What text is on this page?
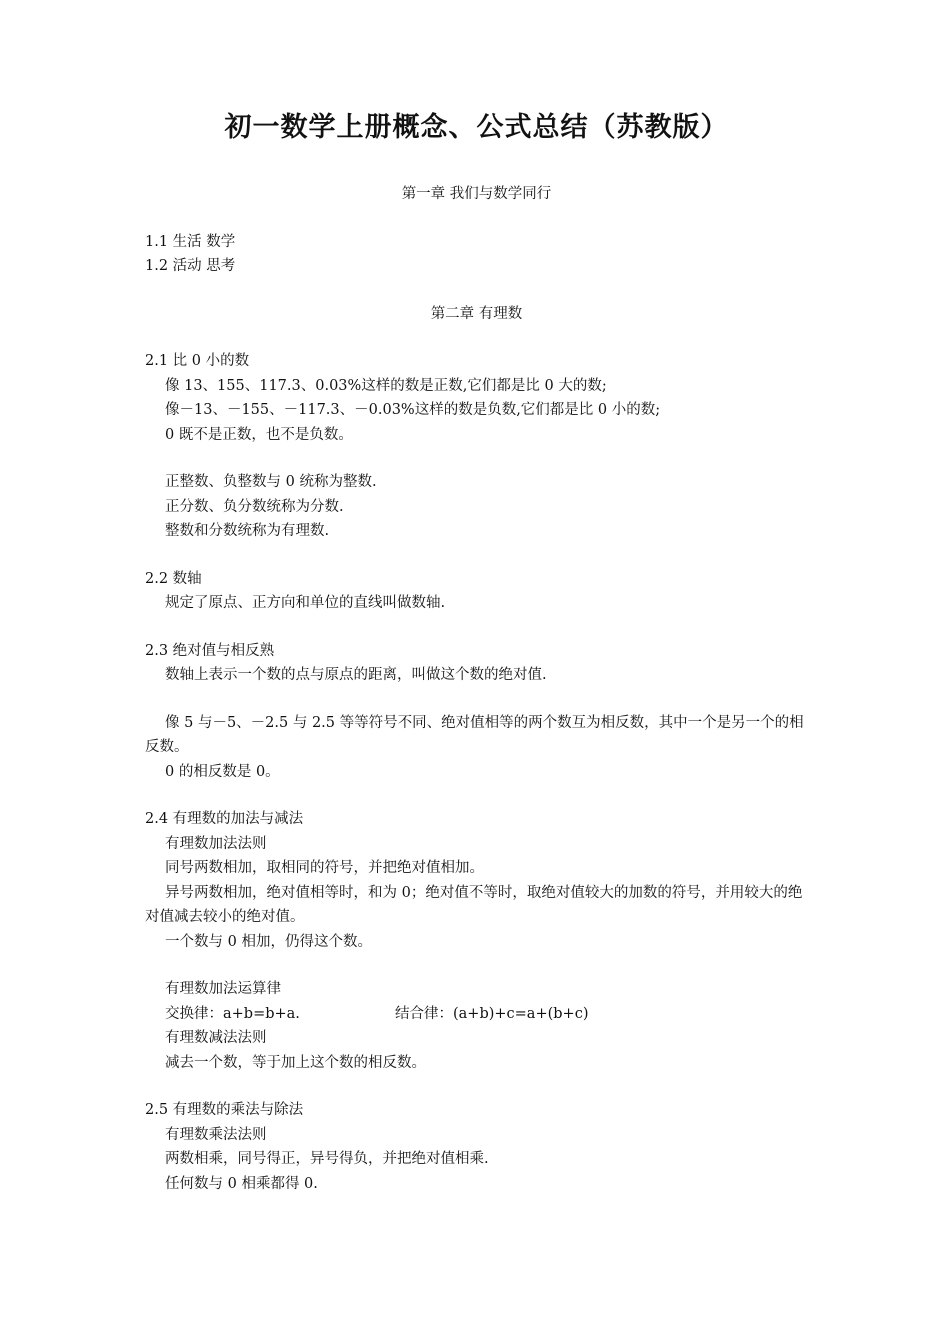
初一数学上册概念、公式总结（苏教版）

第一章 我们与数学同行

1.1 生活 数学

1.2 活动 思考

第二章 有理数

2.1 比 0 小的数

像 13、155、117.3、0.03%这样的数是正数,它们都是比 0 大的数;

像－13、－155、－117.3、－0.03%这样的数是负数,它们都是比 0 小的数;

0 既不是正数，也不是负数。

正整数、负整数与 0 统称为整数.

正分数、负分数统称为分数.

整数和分数统称为有理数.

2.2 数轴

规定了原点、正方向和单位的直线叫做数轴.

2.3 绝对值与相反熟

数轴上表示一个数的点与原点的距离，叫做这个数的绝对值.

像 5 与－5、－2.5 与 2.5 等等符号不同、绝对值相等的两个数互为相反数，其中一个是另一个的相反数。

0 的相反数是 0。

2.4 有理数的加法与减法

有理数加法法则

同号两数相加，取相同的符号，并把绝对值相加。

异号两数相加，绝对值相等时，和为 0；绝对值不等时，取绝对值较大的加数的符号，并用较大的绝对值减去较小的绝对值。

一个数与 0 相加，仍得这个数。

有理数加法运算律

交换律：a+b=b+a.	结合律：(a+b)+c=a+(b+c)

有理数减法法则

减去一个数，等于加上这个数的相反数。

2.5 有理数的乘法与除法

有理数乘法法则

两数相乘，同号得正，异号得负，并把绝对值相乘.

任何数与 0 相乘都得 0.
